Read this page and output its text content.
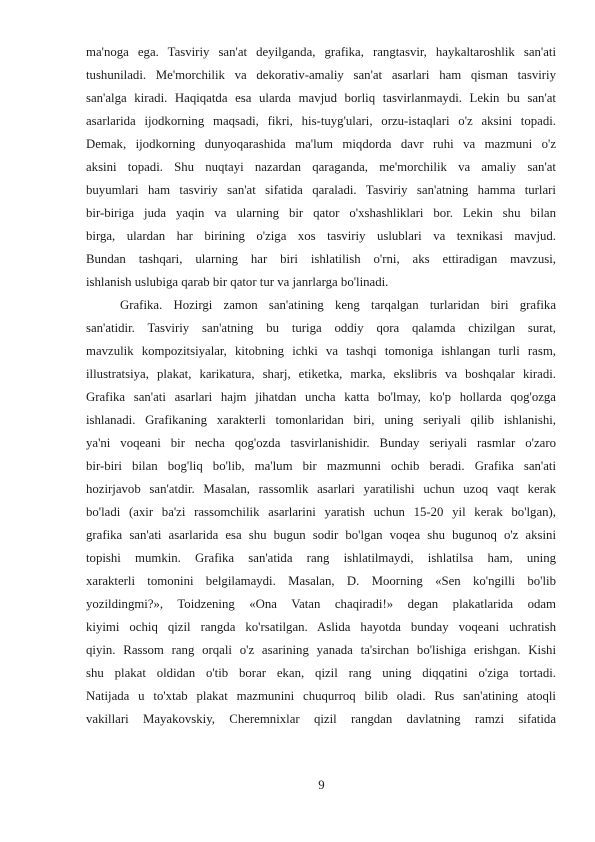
ma'noga ega. Tasviriy san'at deyilganda, grafika, rangtasvir, haykaltaroshlik san'ati
tushuniladi. Me'morchilik va dekorativ-amaliy san'at asarlari ham qisman tasviriy
san'alga kiradi. Haqiqatda esa ularda mavjud borliq tasvirlanmaydi. Lekin bu san'at
asarlarida ijodkorning maqsadi, fikri, his-tuyg'ulari, orzu-istaqlari o'z aksini topadi.
Demak, ijodkorning dunyoqarashida ma'lum miqdorda davr ruhi va mazmuni o'z
aksini topadi. Shu nuqtayi nazardan qaraganda, me'morchilik va amaliy san'at
buyumlari ham tasviriy san'at sifatida qaraladi. Tasviriy san'atning hamma turlari
bir-biriga juda yaqin va ularning bir qator o'xshashliklari bor. Lekin shu bilan
birga, ulardan har birining o'ziga xos tasviriy uslublari va texnikasi mavjud.
Bundan tashqari, ularning har biri ishlatilish o'rni, aks ettiradigan mavzusi,
ishlanish uslubiga qarab bir qator tur va janrlarga bo'linadi.
Grafika. Hozirgi zamon san'atining keng tarqalgan turlaridan biri grafika
san'atidir. Tasviriy san'atning bu turiga oddiy qora qalamda chizilgan surat,
mavzulik kompozitsiyalar, kitobning ichki va tashqi tomoniga ishlangan turli rasm,
illustratsiya, plakat, karikatura, sharj, etiketka, marka, ekslibris va boshqalar kiradi.
Grafika san'ati asarlari hajm jihatdan uncha katta bo'lmay, ko'p hollarda qog'ozga
ishlanadi. Grafikaning xarakterli tomonlaridan biri, uning seriyali qilib ishlanishi,
ya'ni voqeani bir necha qog'ozda tasvirlanishidir. Bunday seriyali rasmlar o'zaro
bir-biri bilan bog'liq bo'lib, ma'lum bir mazmunni ochib beradi. Grafika san'ati
hozirjavob san'atdir. Masalan, rassomlik asarlari yaratilishi uchun uzoq vaqt kerak
bo'ladi (axir ba'zi rassomchilik asarlarini yaratish uchun 15-20 yil kerak bo'lgan),
grafika san'ati asarlarida esa shu bugun sodir bo'lgan voqea shu bugunoq o'z aksini
topishi mumkin. Grafika san'atida rang ishlatilmaydi, ishlatilsa ham, uning
xarakterli tomonini belgilamaydi. Masalan, D. Moorning «Sen ko'ngilli bo'lib
yozildingmi?», Toidzening «Ona Vatan chaqiradi!» degan plakatlarida odam
kiyimi ochiq qizil rangda ko'rsatilgan. Aslida hayotda bunday voqeani uchratish
qiyin. Rassom rang orqali o'z asarining yanada ta'sirchan bo'lishiga erishgan. Kishi
shu plakat oldidan o'tib borar ekan, qizil rang uning diqqatini o'ziga tortadi.
Natijada u to'xtab plakat mazmunini chuqurroq bilib oladi. Rus san'atining atoqli
vakillari Mayakovskiy, Cheremnixlar qizil rangdan davlatning ramzi sifatida
9
